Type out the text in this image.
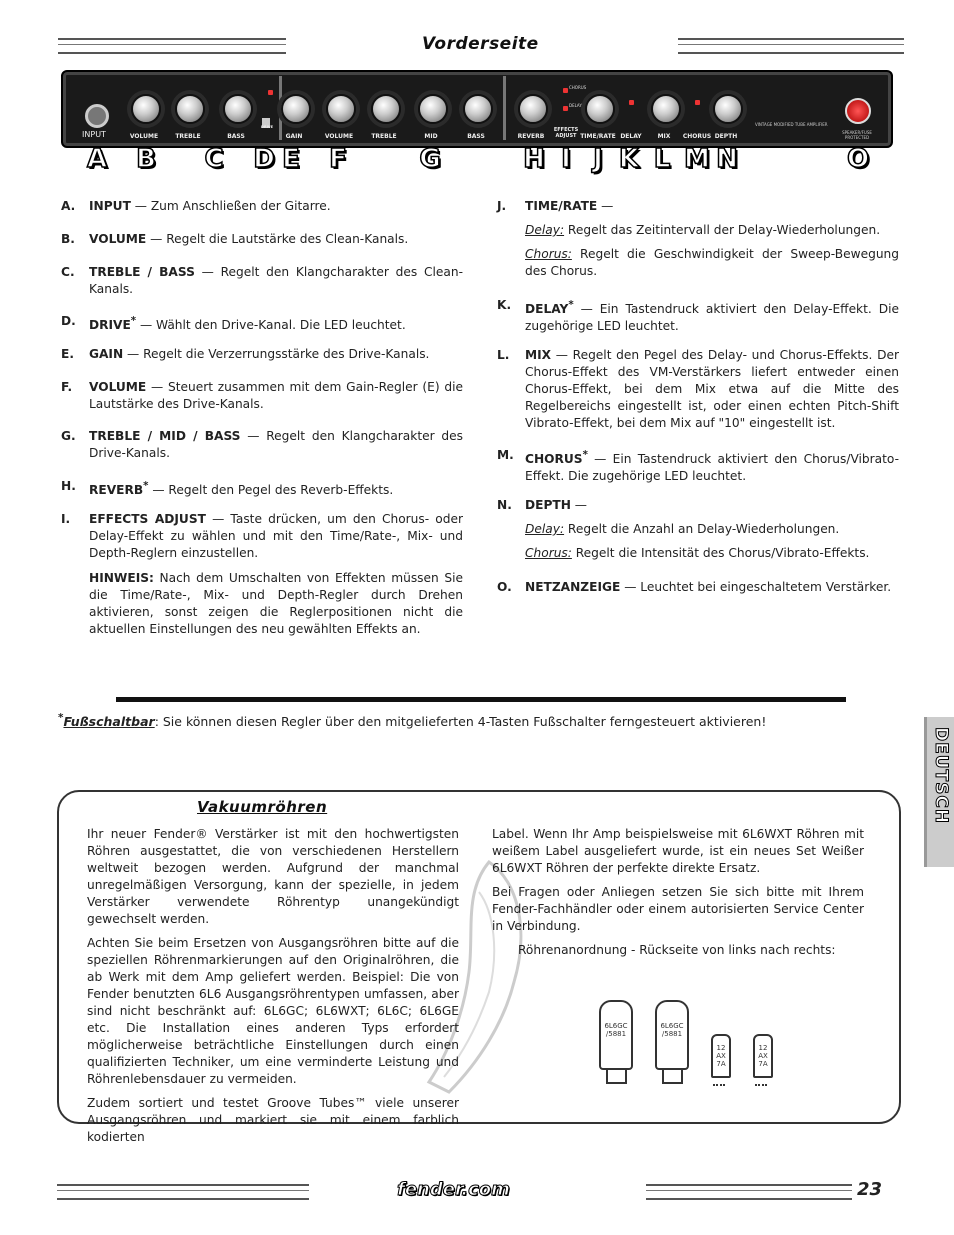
Vorderseite
CHORUS
DELAY
VINTAGE MODIFIED TUBE AMPLIFIER
SPEAKER/FUSE PROTECTED
INPUT	VOLUME	TREBLE	BASS
DRIVE
GAIN	VOLUME	TREBLE	MID	BASS	REVERB
EFFECTS ADJUST TIME/RATE DELAY	MIX	CHORUS DEPTH
A B C D E F	G	H I J K L M N	O
A. INPUT — Zum Anschließen der Gitarre.
B. VOLUME — Regelt die Lautstärke des Clean-Kanals.
C. TREBLE / BASS — Regelt den Klangcharakter des Clean-Kanals.
D. DRIVE* — Wählt den Drive-Kanal. Die LED leuchtet.
E. GAIN — Regelt die Verzerrungsstärke des Drive-Kanals.
F. VOLUME — Steuert zusammen mit dem Gain-Regler (E) die Lautstärke des Drive-Kanals.
G. TREBLE / MID / BASS — Regelt den Klangcharakter des Drive-Kanals.
H. REVERB* — Regelt den Pegel des Reverb-Effekts.
I. EFFECTS ADJUST — Taste drücken, um den Chorus- oder Delay-Effekt zu wählen und mit den Time/Rate-, Mix- und Depth-Reglern einzustellen.
HINWEIS: Nach dem Umschalten von Effekten müssen Sie die Time/Rate-, Mix- und Depth-Regler durch Drehen aktivieren, sonst zeigen die Reglerpositionen nicht die aktuellen Einstellungen des neu gewählten Effekts an.
J. TIME/RATE —
Delay: Regelt das Zeitintervall der Delay-Wiederholungen.
Chorus: Regelt die Geschwindigkeit der Sweep-Bewegung des Chorus.
K. DELAY* — Ein Tastendruck aktiviert den Delay-Effekt. Die zugehörige LED leuchtet.
L. MIX — Regelt den Pegel des Delay- und Chorus-Effekts. Der Chorus-Effekt des VM-Verstärkers liefert entweder einen Chorus-Effekt, bei dem Mix etwa auf die Mitte des Regelbereichs eingestellt ist, oder einen echten Pitch-Shift Vibrato-Effekt, bei dem Mix auf "10" eingestellt ist.
M. CHORUS* — Ein Tastendruck aktiviert den Chorus/Vibrato-Effekt. Die zugehörige LED leuchtet.
N. DEPTH —
Delay: Regelt die Anzahl an Delay-Wiederholungen.
Chorus: Regelt die Intensität des Chorus/Vibrato-Effekts.
O. NETZANZEIGE — Leuchtet bei eingeschaltetem Verstärker.
*Fußschaltbar: Sie können diesen Regler über den mitgelieferten 4-Tasten Fußschalter ferngesteuert aktivieren!
DEUTSCH
Vakuumröhren

Ihr neuer Fender® Verstärker ist mit den hochwertigsten Röhren ausgestattet, die von verschiedenen Herstellern weltweit bezogen werden. Aufgrund der manchmal unregelmäßigen Versorgung, kann der spezielle, in jedem Verstärker verwendete Röhrentyp unangekündigt gewechselt werden.

Achten Sie beim Ersetzen von Ausgangsröhren bitte auf die speziellen Röhrenmarkierungen auf den Originalröhren, die ab Werk mit dem Amp geliefert werden. Beispiel: Die von Fender benutzten 6L6 Ausgangsröhrentypen umfassen, aber sind nicht beschränkt auf: 6L6GC; 6L6WXT; 6L6C; 6L6GE etc. Die Installation eines anderen Typs erfordert möglicherweise beträchtliche Einstellungen durch einen qualifizierten Techniker, um eine verminderte Leistung und Röhrenlebensdauer zu vermeiden.

Zudem sortiert und testet Groove Tubes™ viele unserer Ausgangsröhren und markiert sie mit einem farblich kodierten

Label. Wenn Ihr Amp beispielsweise mit 6L6WXT Röhren mit weißem Label ausgeliefert wurde, ist ein neues Set Weißer 6L6WXT Röhren der perfekte direkte Ersatz.

Bei Fragen oder Anliegen setzen Sie sich bitte mit Ihrem Fender-Fachhändler oder einem autorisierten Service Center in Verbindung.

Röhrenanordnung - Rückseite von links nach rechts:

6L6GC /5881
6L6GC /5881
12 AX 7A
12 AX 7A
fender.com	23
